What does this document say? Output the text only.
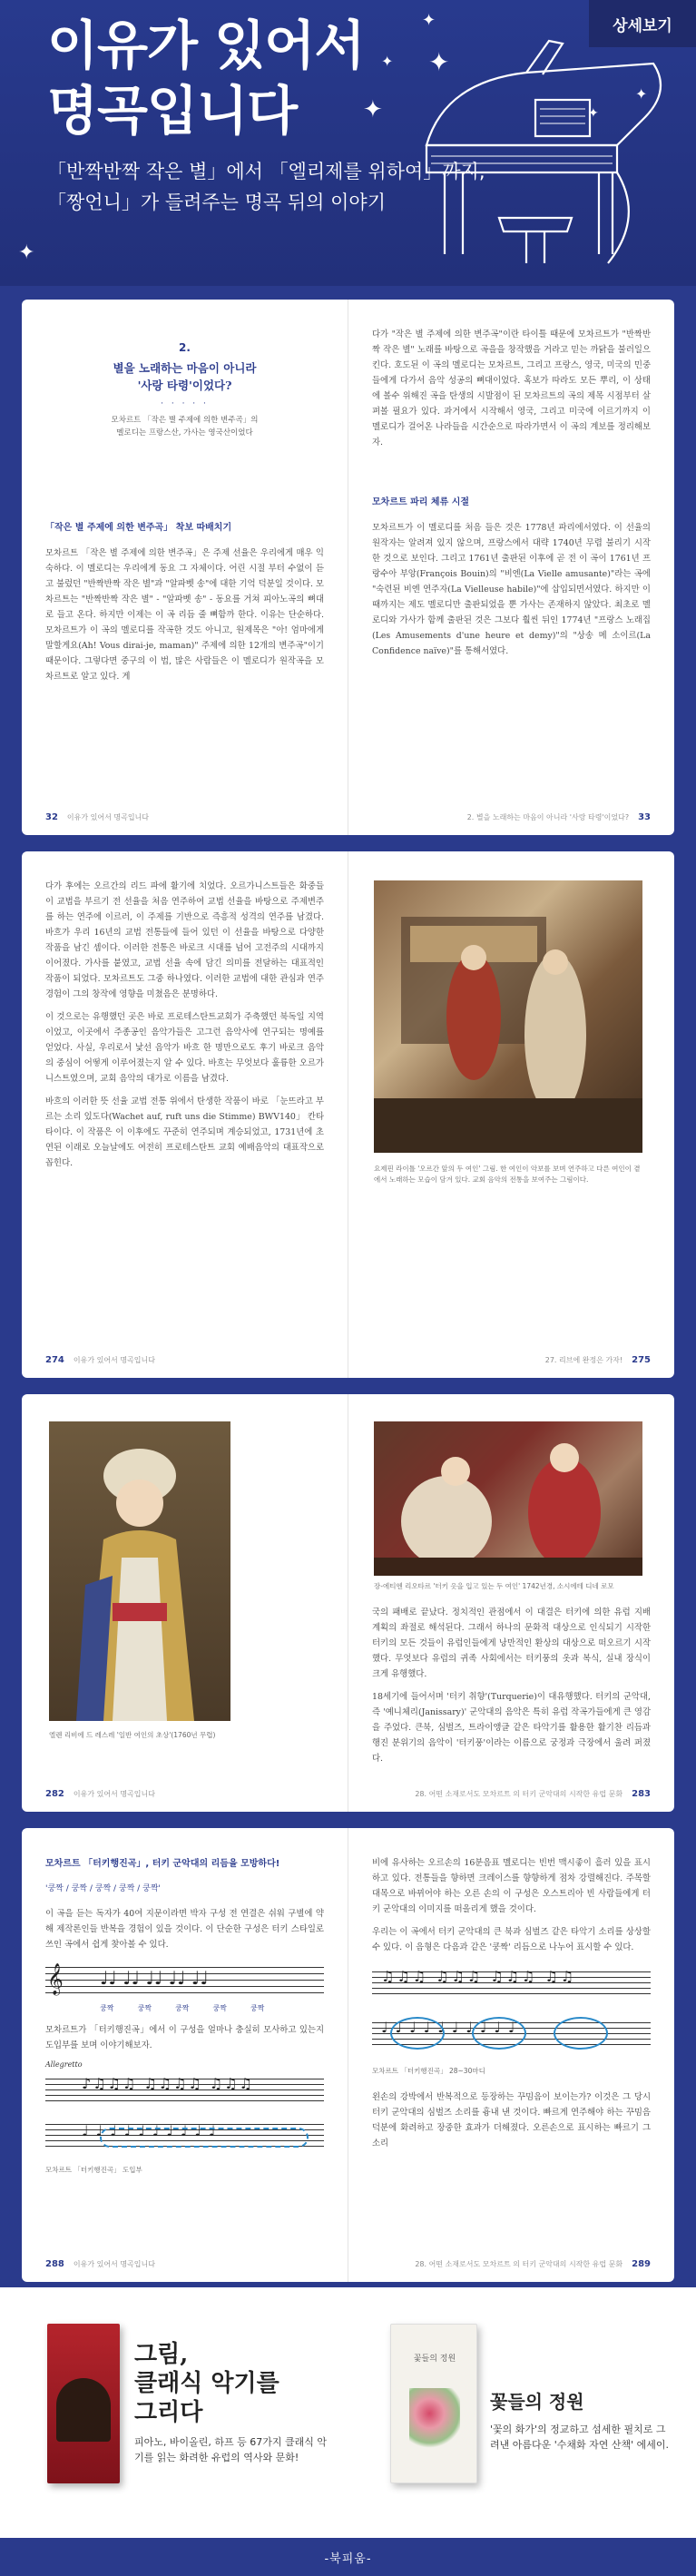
이유가 있어서
명곡입니다
「반짝반짝 작은 별」에서 「엘리제를 위하여」까지,
「짱언니」가 들려주는 명곡 뒤의 이야기
상세보기
✦
✦
✦
✦
✦
✦
✦
2.
별을 노래하는 마음이 아니라
'사랑 타령'이었다?
· · · · ·
모차르트 「작은 별 주제에 의한 변주곡」의
멜로디는 프랑스산, 가사는 영국산이었다
「작은 별 주제에 의한 변주곡」 착보 따배치기

모차르트 「작은 별 주제에 의한 변주곡」은 주제 선율은 우리에게 매우 익숙하다. 이 멜로디는 우리에게 동요 그 자체이다. 어린 시절 부터 수없이 듣고 불렀던 "반짝반짝 작은 별"과 "알파벳 송"에 대한 기억 덕분일 것이다. 모차르트는 "반짝반짝 작은 별" - "알파벳 송" - 동요를 거쳐 피아노곡의 뼈대로 들고 온다. 하지만 이제는 이 곡 리듬 줄 뼈함까 한다. 이유는 단순하다. 모차르트가 이 곡의 멜로디를 작곡한 것도 아니고, 원제목은 "아! 엄마에게 말할게요(Ah! Vous dirai-je, maman)" 주제에 의한 12개의 변주곡"이기 때문이다. 그렇다면 중구의 이 법, 많은 사람들은 이 멜로디가 원작곡을 모차르트로 알고 있다. 게

32 이유가 있어서 명곡입니다

다가 "작은 별 주제에 의한 변주곡"이란 타이틀 때문에 모차르트가 "반짝반짝 작은 별" 노래를 바탕으로 곡을을 창작했을 거라고 믿는 까닭을 불러일으킨다. 호도된 이 곡의 멜로디는 모차르트, 그리고 프랑스, 영국, 미국의 민중들에게 다가서 음악 성공의 뼈대이었다. 혹보가 따라도 모든 뿌리, 이 상태에 볼수 위해진 곡을 탄생의 시발점이 된 모차르트의 곡의 제목 시점부터 살펴볼 필요가 있다. 과거에서 시작해서 영국, 그리고 미국에 이르기까지 이 멜로디가 걸어온 나라들을 시간순으로 따라가면서 이 곡의 계보를 정리해보자.

모차르트 파리 체류 시절

모차르트가 이 멜로디를 처음 들은 것은 1778년 파리에서였다. 이 선율의 원작자는 알려져 있지 않으며, 프랑스에서 대략 1740년 무렵 불리기 시작한 것으로 보인다. 그리고 1761년 출판된 이후에 곧 전 이 곡이 1761년 프랑수아 부앙(François Bouin)의 "비엔(La Vielle amusante)"라는 곡에 "숙련된 비엔 연주자(La Vielleuse habile)"에 삽입되면서였다. 하지만 이때까지는 제도 멜로디만 출판되었을 뿐 가사는 존재하지 않았다. 최초로 멜로디와 가사가 함께 출판된 것은 그보다 훨씬 뒤인 1774년 "프랑스 노래집(Les Amusements d'une heure et demy)"의 "상송 메 소이르(La Confidence naïve)"를 통해서였다.

2. 별을 노래하는 마음이 아니라 '사랑 타령'이었다? 33

다가 후에는 오르간의 리드 파에 활기에 치었다. 오르가니스트들은 화중들이 교법을 부르기 전 선율을 처음 연주하여 교법 선율을 바탕으로 주제변주를 하는 연주에 이르러, 이 주제를 기반으로 즉흥적 성격의 연주를 남겼다. 바흐가 우리 16년의 교법 전통들에 들어 있던 이 선율을 바탕으로 다양한 작품을 남긴 셈이다. 이러한 전통은 바로크 시대를 넘어 고전주의 시대까지 이어졌다. 가사를 붙였고, 교법 선율 속에 담긴 의미를 전달하는 대표적인 작품이 되었다. 모차르트도 그중 하나였다. 이러한 교법에 대한 관심과 연주 경험이 그의 창작에 영향을 미쳤음은 분명하다.

이 것으로는 유행했던 곳은 바로 프로테스탄트교회가 주축했던 북독일 지역이었고, 이곳에서 주종공인 음악가들은 고그런 음악사에 연구되는 명예를 얻었다. 사실, 우리로서 낯선 음악가 바흐 한 명만으로도 후기 바로크 음악의 중심이 어떻게 이루어졌는지 알 수 있다. 바흐는 무엇보다 훌륭한 오르가니스트였으며, 교회 음악의 대가로 이름을 남겼다.

바흐의 이러한 뜻 선율 교법 전통 위에서 탄생한 작품이 바로 「눈뜨라고 부르는 소리 있도다(Wachet auf, ruft uns die Stimme) BWV140」 칸타타이다. 이 작품은 이 이후에도 꾸준히 연주되며 계승되었고, 1731년에 초연된 이래로 오늘날에도 여전히 프로테스탄트 교회 예배음악의 대표작으로 꼽힌다.

274 이유가 있어서 명곡입니다
요제핀 라이틀 '오르간 앞의 두 여인' 그림. 한 여인이 악보를 보며 연주하고 다른 여인이 곁에서 노래하는 모습이 담겨 있다. 교회 음악의 전통을 보여주는 그림이다.
27. 리브에 완정은 가자! 275
엘렌 리비에 드 레스레 '일반 여인의 초상'(1760년 무렵)
282 이유가 있어서 명곡입니다
장-에티엔 리오타르 '터키 옷을 입고 있는 두 여인' 1742년경, 소시에테 디네 로모

국의 패배로 끝났다. 정치적인 관점에서 이 대결은 터키에 의한 유럽 지배 계획의 좌절로 해석된다. 그래서 하나의 문화적 대상으로 인식되기 시작한 터키의 모든 것들이 유럽인들에게 낭만적인 환상의 대상으로 떠오르기 시작했다. 무엇보다 유럽의 귀족 사회에서는 터키풍의 옷과 복식, 실내 장식이 크게 유행했다.

18세기에 들어서며 '터키 취향'(Turquerie)이 대유행했다. 터키의 군악대, 즉 '예니체리(Janissary)' 군악대의 음악은 특히 유럽 작곡가들에게 큰 영감을 주었다. 큰북, 심벌즈, 트라이앵글 같은 타악기를 활용한 활기찬 리듬과 행진 분위기의 음악이 '터키풍'이라는 이름으로 궁정과 극장에서 울려 퍼졌다.

28. 어떤 소재로서도 모차르트 의 터키 군악대의 시작한 유럽 문화 283
모차르트 「터키행진곡」, 터키 군악대의 리듬을 모방하다!
'쿵짝 / 쿵짝 / 쿵짝 / 쿵짝 / 쿵짝'

이 곡을 듣는 독자가 40여 지문이라면 박자 구성 전 연결은 쉬워 구별에 약해 제작론인들 반복을 경험이 있을 것이다. 이 단순한 구성은 터키 스타일로 쓰인 곡에서 쉽게 찾아볼 수 있다.

𝄞 ♩♩ ♩♩ ♩♩ ♩♩ ♩♩
쿵짝	쿵짝	쿵짝	쿵짝	쿵짝

모차르트가 「터키행진곡」에서 이 구성을 얼마나 충실히 모사하고 있는지 도입부를 보며 이야기해보자.

Allegretto
♪♫♫♫ ♫♫♫♫ ♫♫♫
♩♩♩♩♩♩♩♩♩♩
모차르트 「터키행진곡」 도입부
288 이유가 있어서 명곡입니다

비에 유사하는 오르손의 16분음표 멜로디는 빈번 맥시좋이 흘러 있을 표시하고 있다. 전통들을 향하면 크레이스를 향향하게 점차 강렬해진다. 주목할 대목으로 바뀌어야 하는 오른 손의 이 구성은 오스트리아 빈 사람들에게 터키 군악대의 이미지를 떠올리게 했을 것이다.

우리는 이 곡에서 터키 군악대의 큰 북과 심벌즈 같은 타악기 소리를 상상할 수 있다. 이 음형은 다음과 같은 '쿵짝' 리듬으로 나누어 표시할 수 있다.

♫♫♫ ♫♫♫ ♫♫♫ ♫♫
♩♩♩♩♩♩♩♩♩♩
모차르트 「터키행진곡」 28~30마디

왼손의 강박에서 반복적으로 등장하는 꾸밈음이 보이는가? 이것은 그 당시 터키 군악대의 심벌즈 소리를 흉내 낸 것이다. 빠르게 연주해야 하는 꾸밈음 덕분에 화려하고 장중한 효과가 더해졌다. 오른손으로 표시하는 빠르기 그 소리

28. 어떤 소재로서도 모차르트 의 터키 군악대의 시작한 유럽 문화 289
그림,
클래식 악기를
그리다
피아노, 바이올린, 하프 등 67가지 클래식 악기를 읽는 화려한 유럽의 역사와 문화!
꽃들의 정원
꽃들의 정원
'꽃의 화가'의 정교하고 섬세한 필치로 그려낸 아름다운 '수채화 자연 산책' 에세이.
-북피움-
